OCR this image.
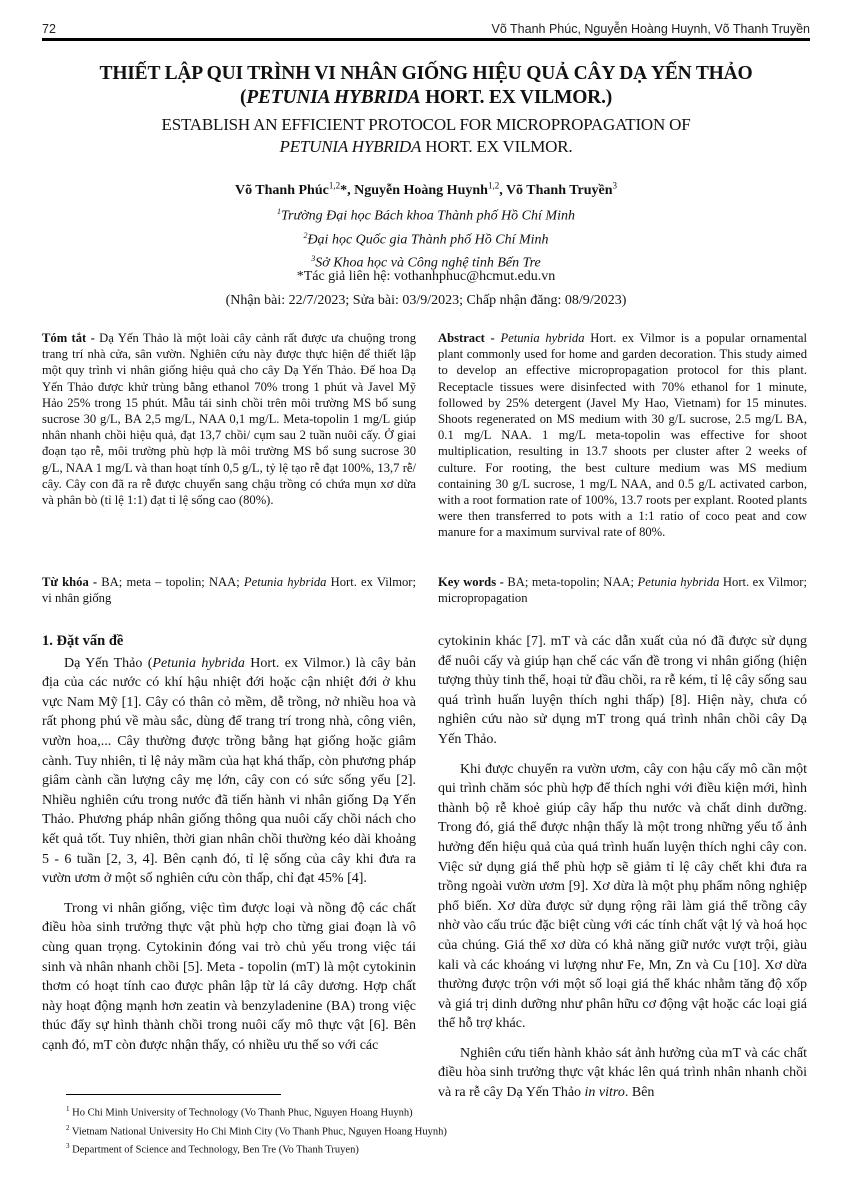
72	Võ Thanh Phúc, Nguyễn Hoàng Huynh, Võ Thanh Truyền

THIẾT LẬP QUI TRÌNH VI NHÂN GIỐNG HIỆU QUẢ CÂY DẠ YẾN THẢO
(PETUNIA HYBRIDA HORT. EX VILMOR.)

ESTABLISH AN EFFICIENT PROTOCOL FOR MICROPROPAGATION OF
PETUNIA HYBRIDA HORT. EX VILMOR.

Võ Thanh Phúc$^{1,2}$*, Nguyễn Hoàng Huynh$^{1,2}$, Võ Thanh Truyền$^3$
$^1$Trường Đại học Bách khoa Thành phố Hồ Chí Minh
$^2$Đại học Quốc gia Thành phố Hồ Chí Minh
$^3$Sở Khoa học và Công nghệ tỉnh Bến Tre
*Tác giả liên hệ: vothanhphuc@hcmut.edu.vn
(Nhận bài: 22/7/2023; Sửa bài: 03/9/2023; Chấp nhận đăng: 08/9/2023)
Tóm tắt - Dạ Yến Thảo là một loài cây cảnh rất được ưa chuộng trong trang trí nhà cửa, sân vườn. Nghiên cứu này được thực hiện để thiết lập một quy trình vi nhân giống hiệu quả cho cây Dạ Yến Thảo. Đế hoa Dạ Yến Thảo được khử trùng bằng ethanol 70% trong 1 phút và Javel Mỹ Hảo 25% trong 15 phút. Mẫu tái sinh chồi trên môi trường MS bổ sung sucrose 30 g/L, BA 2,5 mg/L, NAA 0,1 mg/L. Meta-topolin 1 mg/L giúp nhân nhanh chồi hiệu quả, đạt 13,7 chồi/ cụm sau 2 tuần nuôi cấy. Ở giai đoạn tạo rễ, môi trường phù hợp là môi trường MS bổ sung sucrose 30 g/L, NAA 1 mg/L và than hoạt tính 0,5 g/L, tỷ lệ tạo rễ đạt 100%, 13,7 rễ/ cây. Cây con đã ra rễ được chuyển sang chậu trồng có chứa mụn xơ dừa và phân bò (tỉ lệ 1:1) đạt tỉ lệ sống cao (80%).
Abstract - Petunia hybrida Hort. ex Vilmor is a popular ornamental plant commonly used for home and garden decoration. This study aimed to develop an effective micropropagation protocol for this plant. Receptacle tissues were disinfected with 70% ethanol for 1 minute, followed by 25% detergent (Javel My Hao, Vietnam) for 15 minutes. Shoots regenerated on MS medium with 30 g/L sucrose, 2.5 mg/L BA, 0.1 mg/L NAA. 1 mg/L meta-topolin was effective for shoot multiplication, resulting in 13.7 shoots per cluster after 2 weeks of culture. For rooting, the best culture medium was MS medium containing 30 g/L sucrose, 1 mg/L NAA, and 0.5 g/L activated carbon, with a root formation rate of 100%, 13.7 roots per explant. Rooted plants were then transferred to pots with a 1:1 ratio of coco peat and cow manure for a maximum survival rate of 80%.
Từ khóa - BA; meta – topolin; NAA; Petunia hybrida Hort. ex Vilmor; vi nhân giống
Key words - BA; meta-topolin; NAA; Petunia hybrida Hort. ex Vilmor; micropropagation

1. Đặt vấn đề

Dạ Yến Thảo (Petunia hybrida Hort. ex Vilmor.) là cây bản địa của các nước có khí hậu nhiệt đới hoặc cận nhiệt đới ở khu vực Nam Mỹ [1]. Cây có thân cỏ mềm, dễ trồng, nở nhiều hoa và rất phong phú về màu sắc, dùng để trang trí trong nhà, công viên, vườn hoa,... Cây thường được trồng bằng hạt giống hoặc giâm cành. Tuy nhiên, tỉ lệ nảy mầm của hạt khá thấp, còn phương pháp giâm cành cần lượng cây mẹ lớn, cây con có sức sống yếu [2]. Nhiều nghiên cứu trong nước đã tiến hành vi nhân giống Dạ Yến Thảo. Phương pháp nhân giống thông qua nuôi cấy chồi nách cho kết quả tốt. Tuy nhiên, thời gian nhân chồi thường kéo dài khoảng 5 - 6 tuần [2, 3, 4]. Bên cạnh đó, tỉ lệ sống của cây khi đưa ra vườn ươm ở một số nghiên cứu còn thấp, chỉ đạt 45% [4].

Trong vi nhân giống, việc tìm được loại và nồng độ các chất điều hòa sinh trưởng thực vật phù hợp cho từng giai đoạn là vô cùng quan trọng. Cytokinin đóng vai trò chủ yếu trong việc tái sinh và nhân nhanh chồi [5]. Meta - topolin (mT) là một cytokinin thơm có hoạt tính cao được phân lập từ lá cây dương. Hợp chất này hoạt động mạnh hơn zeatin và benzyladenine (BA) trong việc thúc đẩy sự hình thành chồi trong nuôi cấy mô thực vật [6]. Bên cạnh đó, mT còn được nhận thấy, có nhiều ưu thế so với các

cytokinin khác [7]. mT và các dẫn xuất của nó đã được sử dụng để nuôi cấy và giúp hạn chế các vấn đề trong vi nhân giống (hiện tượng thủy tinh thể, hoại tử đầu chồi, ra rễ kém, tỉ lệ cây sống sau quá trình huấn luyện thích nghi thấp) [8]. Hiện này, chưa có nghiên cứu nào sử dụng mT trong quá trình nhân chồi cây Dạ Yến Thảo.

Khi được chuyển ra vườn ươm, cây con hậu cấy mô cần một qui trình chăm sóc phù hợp để thích nghi với điều kiện mới, hình thành bộ rễ khoẻ giúp cây hấp thu nước và chất dinh dưỡng. Trong đó, giá thể được nhận thấy là một trong những yếu tố ảnh hưởng đến hiệu quả của quá trình huấn luyện thích nghi cây con. Việc sử dụng giá thể phù hợp sẽ giảm tỉ lệ cây chết khi đưa ra trồng ngoài vườn ươm [9]. Xơ dừa là một phụ phẩm nông nghiệp phổ biến. Xơ dừa được sử dụng rộng rãi làm giá thể trồng cây nhờ vào cấu trúc đặc biệt cùng với các tính chất vật lý và hoá học của chúng. Giá thể xơ dừa có khả năng giữ nước vượt trội, giàu kali và các khoáng vi lượng như Fe, Mn, Zn và Cu [10]. Xơ dừa thường được trộn với một số loại giá thể khác nhằm tăng độ xốp và giá trị dinh dưỡng như phân hữu cơ động vật hoặc các loại giá thể hỗ trợ khác.

Nghiên cứu tiến hành khảo sát ảnh hưởng của mT và các chất điều hòa sinh trưởng thực vật khác lên quá trình nhân nhanh chồi và ra rễ cây Dạ Yến Thảo in vitro. Bên

$^1$ Ho Chi Minh University of Technology (Vo Thanh Phuc, Nguyen Hoang Huynh)
$^2$ Vietnam National University Ho Chi Minh City (Vo Thanh Phuc, Nguyen Hoang Huynh)
$^3$ Department of Science and Technology, Ben Tre (Vo Thanh Truyen)
